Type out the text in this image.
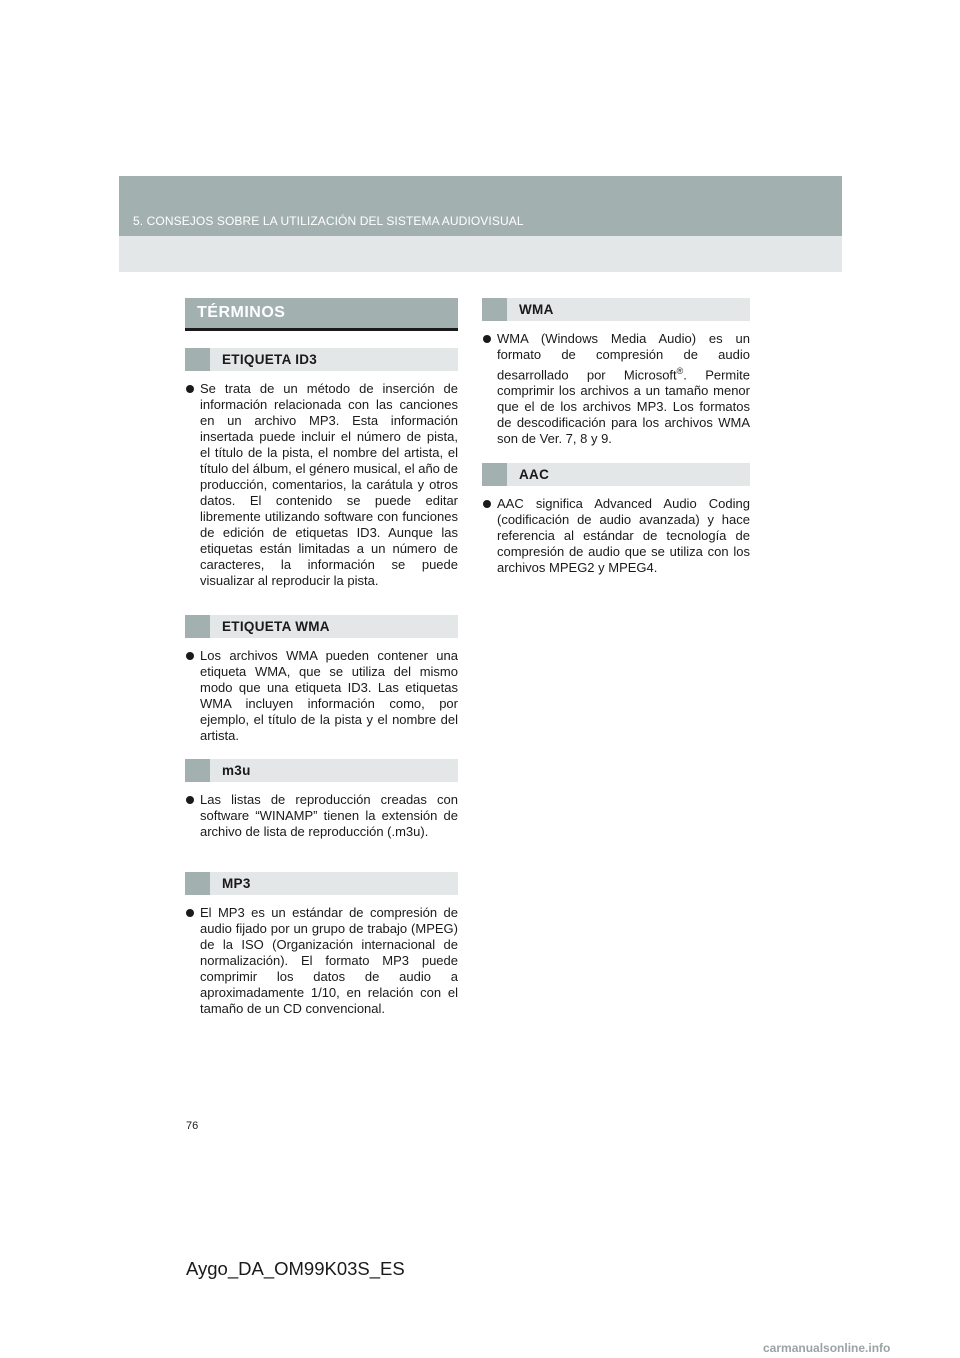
5. CONSEJOS SOBRE LA UTILIZACIÓN DEL SISTEMA AUDIOVISUAL
TÉRMINOS
ETIQUETA ID3
Se trata de un método de inserción de información relacionada con las canciones en un archivo MP3. Esta información insertada puede incluir el número de pista, el título de la pista, el nombre del artista, el título del álbum, el género musical, el año de producción, comentarios, la carátula y otros datos. El contenido se puede editar libremente utilizando software con funciones de edición de etiquetas ID3. Aunque las etiquetas están limitadas a un número de caracteres, la información se puede visualizar al reproducir la pista.
ETIQUETA WMA
Los archivos WMA pueden contener una etiqueta WMA, que se utiliza del mismo modo que una etiqueta ID3. Las etiquetas WMA incluyen información como, por ejemplo, el título de la pista y el nombre del artista.
m3u
Las listas de reproducción creadas con software “WINAMP” tienen la extensión de archivo de lista de reproducción (.m3u).
MP3
El MP3 es un estándar de compresión de audio fijado por un grupo de trabajo (MPEG) de la ISO (Organización internacional de normalización). El formato MP3 puede comprimir los datos de audio a aproximadamente 1/10, en relación con el tamaño de un CD convencional.
WMA
WMA (Windows Media Audio) es un formato de compresión de audio desarrollado por Microsoft®. Permite comprimir los archivos a un tamaño menor que el de los archivos MP3. Los formatos de descodificación para los archivos WMA son de Ver. 7, 8 y 9.
AAC
AAC significa Advanced Audio Coding (codificación de audio avanzada) y hace referencia al estándar de tecnología de compresión de audio que se utiliza con los archivos MPEG2 y MPEG4.
76
Aygo_DA_OM99K03S_ES
carmanualsonline.info
